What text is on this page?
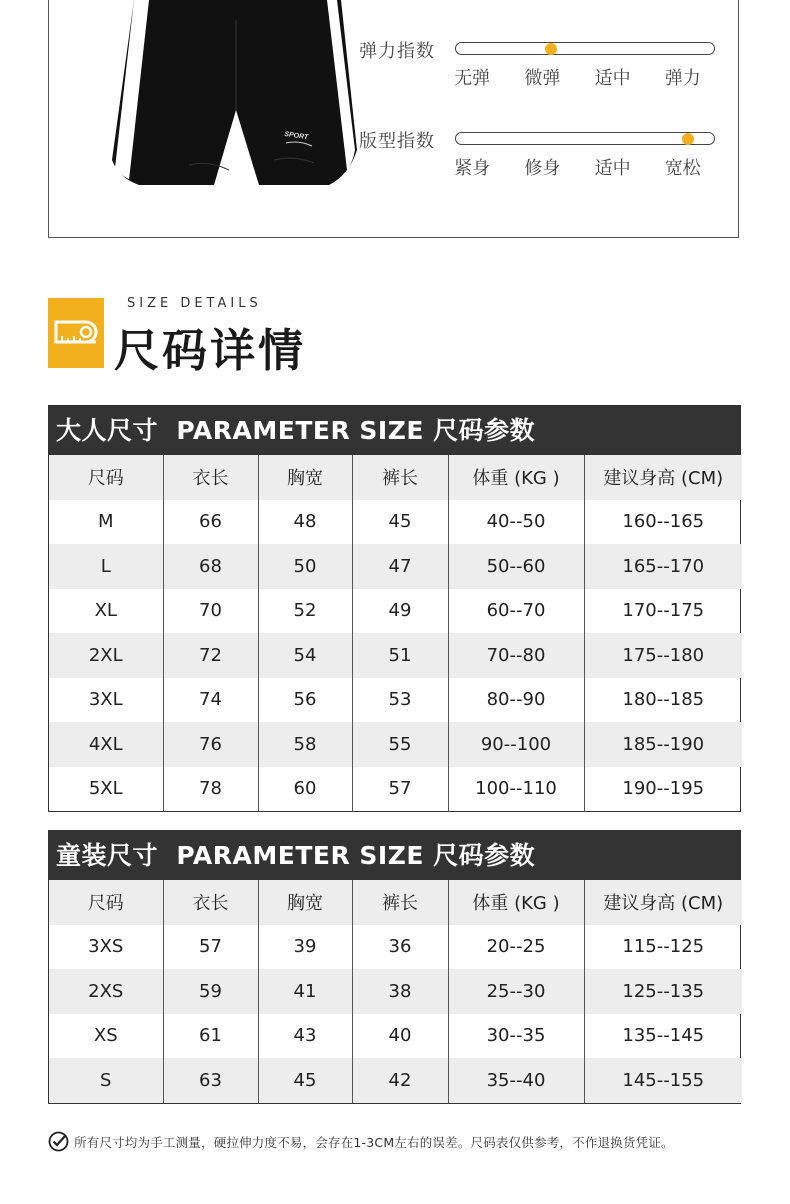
SPORT
弹力指数
无弹	微弹	适中	弹力
版型指数
紧身	修身	适中	宽松
SIZE DETAILS
尺码详情
大人尺寸  PARAMETER SIZE 尺码参数
尺码	衣长	胸宽	裤长	体重 (KG )	建议身高 (CM)
M	66	48	45	40--50	160--165
L	68	50	47	50--60	165--170
XL	70	52	49	60--70	170--175
2XL	72	54	51	70--80	175--180
3XL	74	56	53	80--90	180--185
4XL	76	58	55	90--100	185--190
5XL	78	60	57	100--110	190--195
童装尺寸  PARAMETER SIZE 尺码参数
尺码	衣长	胸宽	裤长	体重 (KG )	建议身高 (CM)
3XS	57	39	36	20--25	115--125
2XS	59	41	38	25--30	125--135
XS	61	43	40	30--35	135--145
S	63	45	42	35--40	145--155
所有尺寸均为手工测量，硬拉伸力度不易，会存在1-3CM左右的误差。尺码表仅供参考，不作退换货凭证。
